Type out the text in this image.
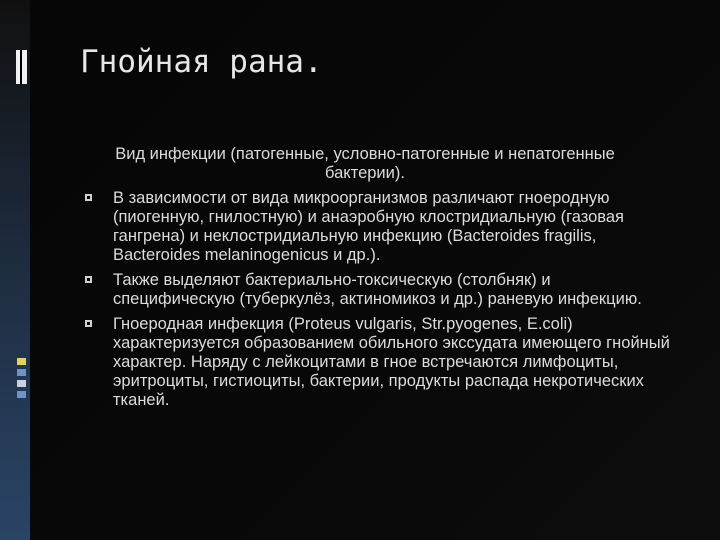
Гнойная рана.

Вид инфекции (патогенные, условно-патогенные и непатогенные бактерии).

В зависимости от вида микроорганизмов различают гноеродную (пиогенную, гнилостную) и анаэробную клостридиальную (газовая гангрена) и неклостридиальную инфекцию (Bacteroides fragilis, Bacteroides melaninogenicus и др.).
Также выделяют бактериально-токсическую (столбняк) и специфическую (туберкулёз, актиномикоз и др.) раневую инфекцию.
Гноеродная инфекция (Proteus vulgaris, Str.pyogenes, E.coli) характеризуется образованием обильного экссудата имеющего гнойный характер. Наряду с лейкоцитами в гное встречаются лимфоциты, эритроциты, гистиоциты, бактерии, продукты распада некротических тканей.
